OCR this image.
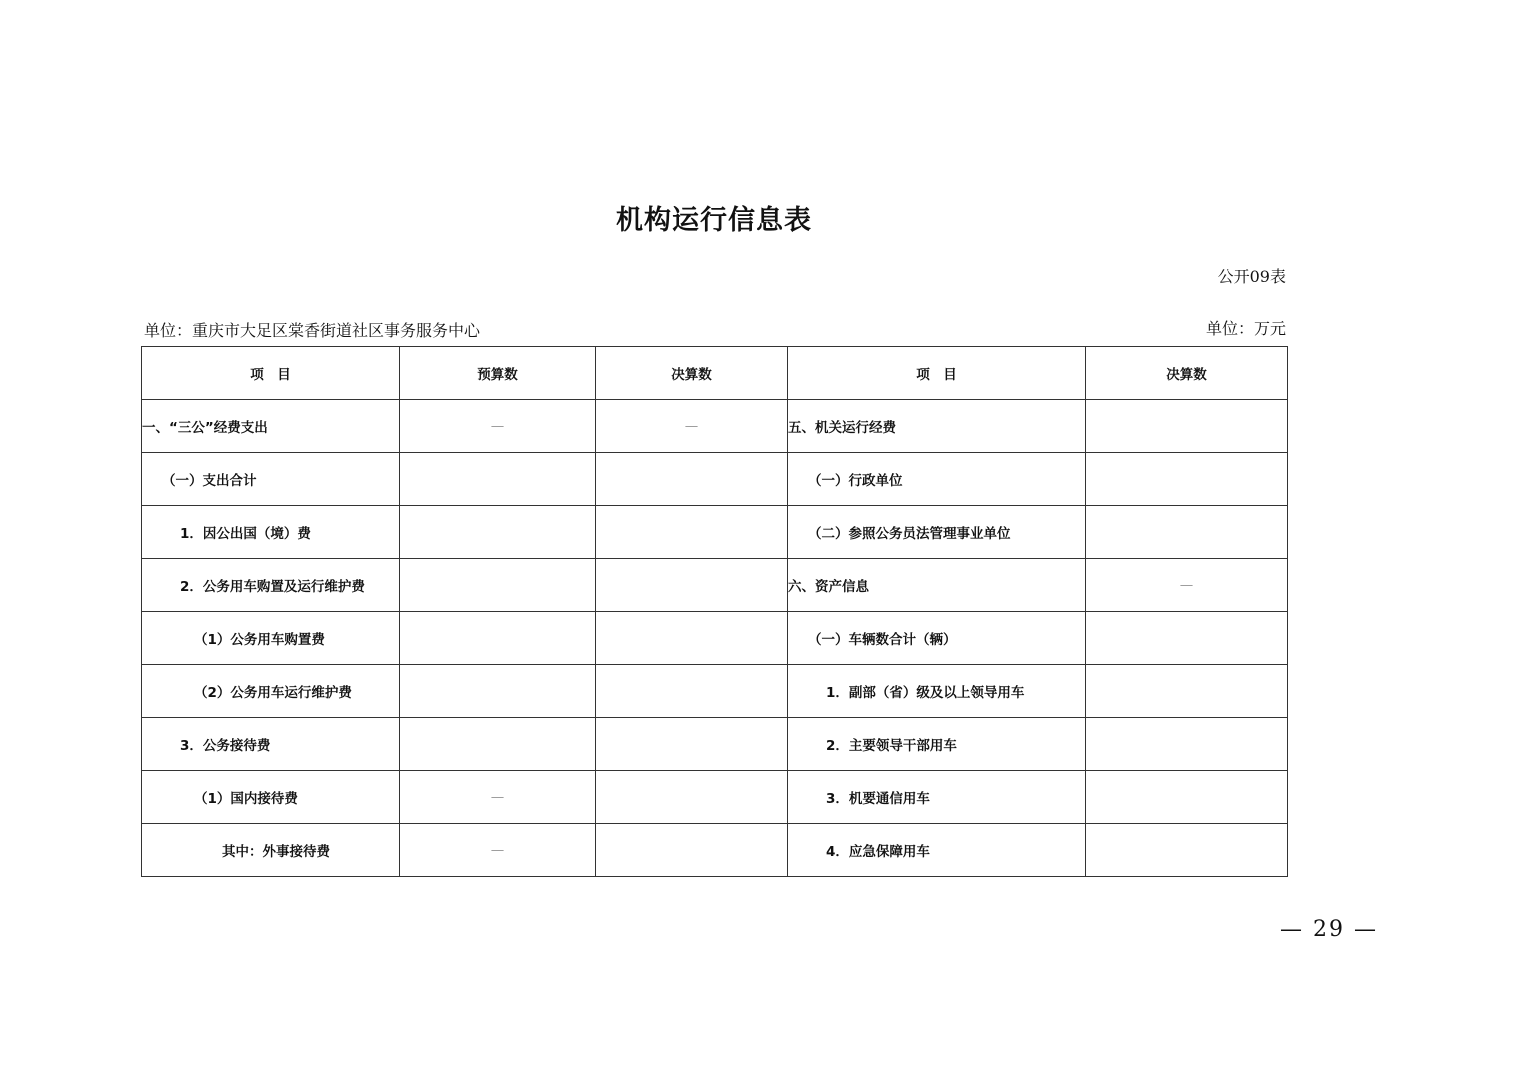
机构运行信息表
公开09表
单位：重庆市大足区棠香街道社区事务服务中心	单位：万元
项　目	预算数	决算数	项　目	决算数
一、“三公”经费支出	—	—	五、机关运行经费	
（一）支出合计			（一）行政单位	
1．因公出国（境）费			（二）参照公务员法管理事业单位	
2．公务用车购置及运行维护费			六、资产信息	—
（1）公务用车购置费			（一）车辆数合计（辆）	
（2）公务用车运行维护费			1．副部（省）级及以上领导用车	
3．公务接待费			2．主要领导干部用车	
（1）国内接待费	—		3．机要通信用车	
其中：外事接待费	—		4．应急保障用车	
— 29 —
